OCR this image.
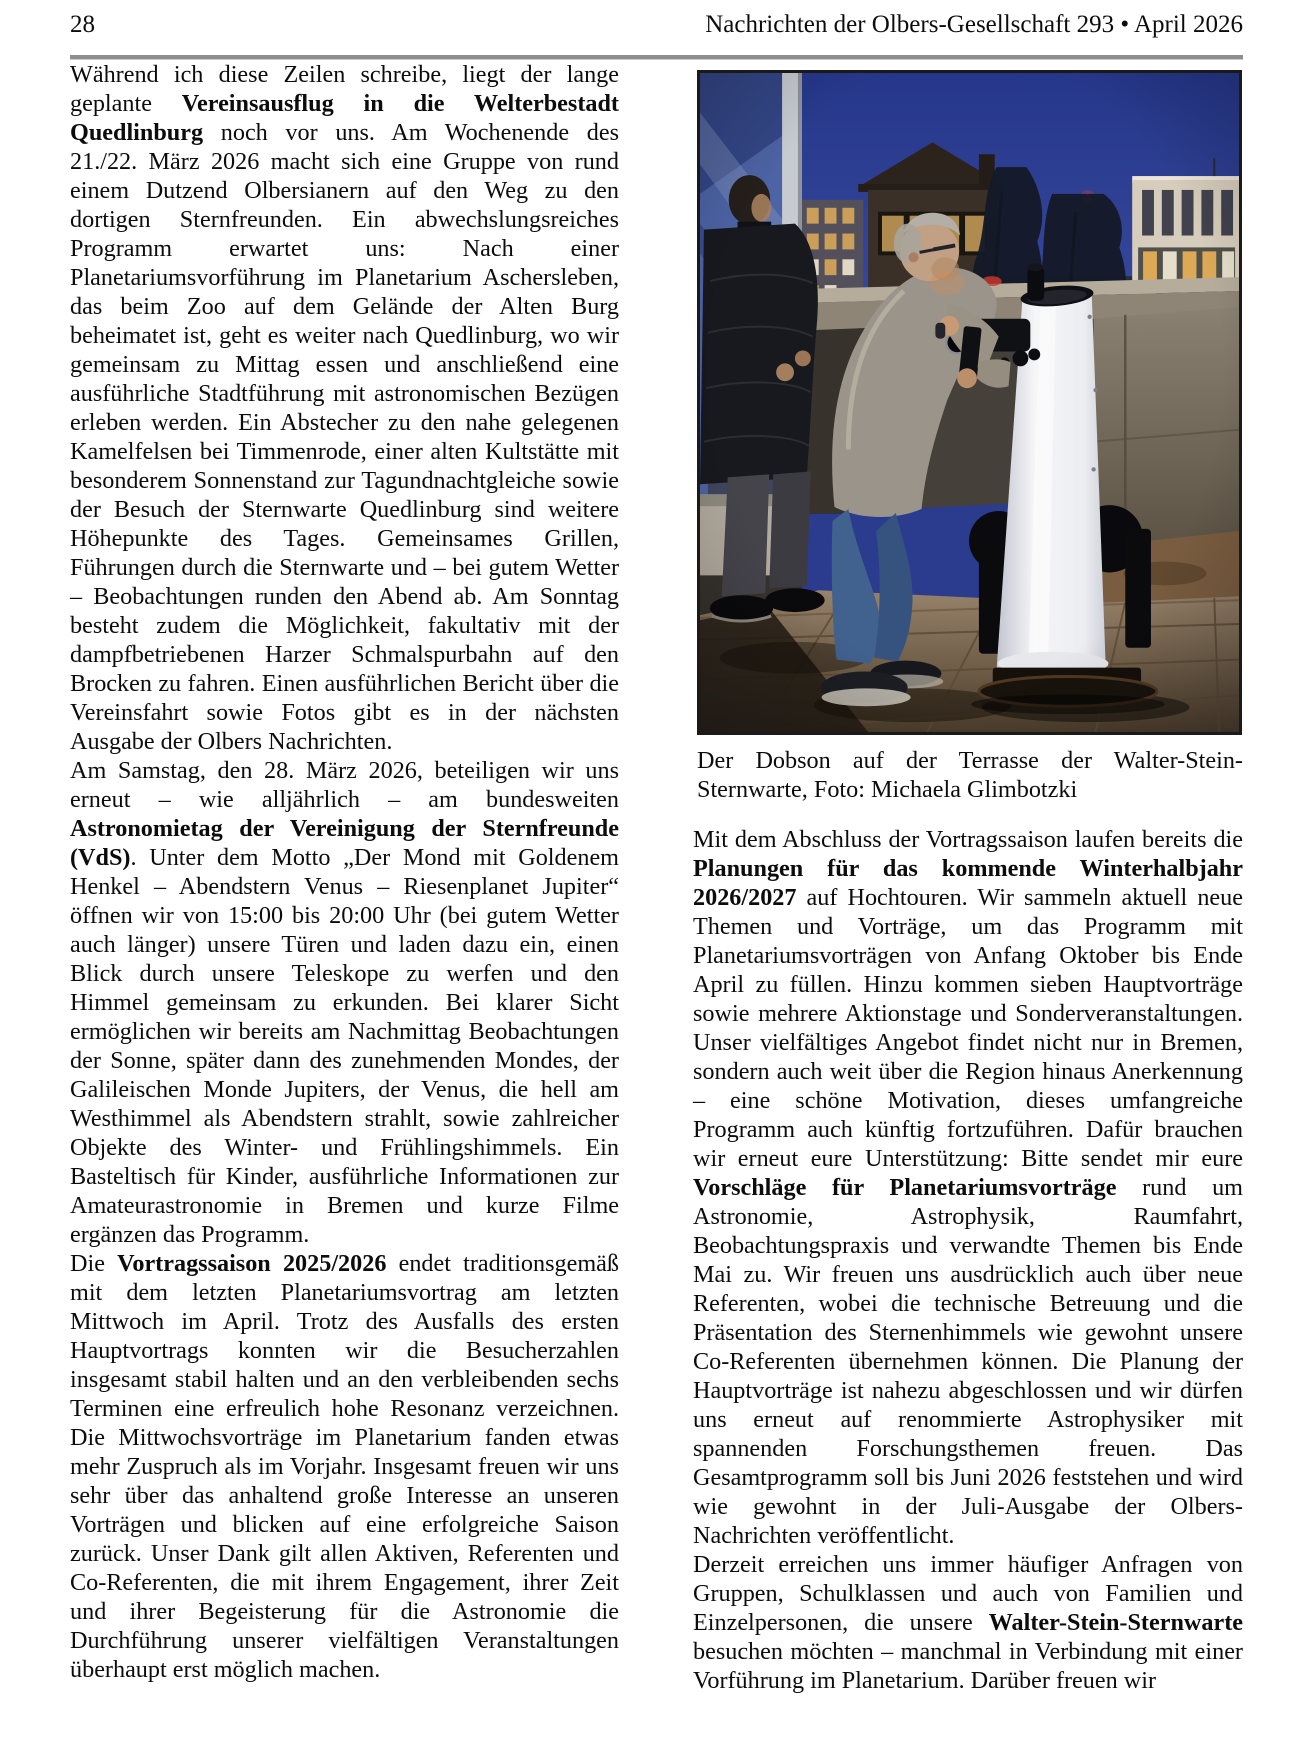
28	Nachrichten der Olbers-Gesellschaft 293 • April 2026

Während ich diese Zeilen schreibe, liegt der lange geplante Vereinsausflug in die Welterbestadt Quedlinburg noch vor uns. Am Wochenende des 21./22. März 2026 macht sich eine Gruppe von rund einem Dutzend Olbersianern auf den Weg zu den dortigen Sternfreunden. Ein abwechslungsreiches Programm erwartet uns: Nach einer Planetariumsvorführung im Planetarium Aschersleben, das beim Zoo auf dem Gelände der Alten Burg beheimatet ist, geht es weiter nach Quedlinburg, wo wir gemeinsam zu Mittag essen und anschließend eine ausführliche Stadtführung mit astronomischen Bezügen erleben werden. Ein Abstecher zu den nahe gelegenen Kamelfelsen bei Timmenrode, einer alten Kultstätte mit besonderem Sonnenstand zur Tagundnachtgleiche sowie der Besuch der Sternwarte Quedlinburg sind weitere Höhepunkte des Tages. Gemeinsames Grillen, Führungen durch die Sternwarte und – bei gutem Wetter – Beobachtungen runden den Abend ab. Am Sonntag besteht zudem die Möglichkeit, fakultativ mit der dampfbetriebenen Harzer Schmalspurbahn auf den Brocken zu fahren. Einen ausführlichen Bericht über die Vereinsfahrt sowie Fotos gibt es in der nächsten Ausgabe der Olbers Nachrichten.

Am Samstag, den 28. März 2026, beteiligen wir uns erneut – wie alljährlich – am bundesweiten Astronomietag der Vereinigung der Sternfreunde (VdS). Unter dem Motto „Der Mond mit Goldenem Henkel – Abendstern Venus – Riesenplanet Jupiter“ öffnen wir von 15:00 bis 20:00 Uhr (bei gutem Wetter auch länger) unsere Türen und laden dazu ein, einen Blick durch unsere Teleskope zu werfen und den Himmel gemeinsam zu erkunden. Bei klarer Sicht ermöglichen wir bereits am Nachmittag Beobachtungen der Sonne, später dann des zunehmenden Mondes, der Galileischen Monde Jupiters, der Venus, die hell am Westhimmel als Abendstern strahlt, sowie zahlreicher Objekte des Winter- und Frühlingshimmels. Ein Basteltisch für Kinder, ausführliche Informationen zur Amateurastronomie in Bremen und kurze Filme ergänzen das Programm.

Die Vortragssaison 2025/2026 endet traditionsgemäß mit dem letzten Planetariumsvortrag am letzten Mittwoch im April. Trotz des Ausfalls des ersten Hauptvortrags konnten wir die Besucherzahlen insgesamt stabil halten und an den verbleibenden sechs Terminen eine erfreulich hohe Resonanz verzeichnen. Die Mittwochsvorträge im Planetarium fanden etwas mehr Zuspruch als im Vorjahr. Insgesamt freuen wir uns sehr über das anhaltend große Interesse an unseren Vorträgen und blicken auf eine erfolgreiche Saison zurück. Unser Dank gilt allen Aktiven, Referenten und Co-Referenten, die mit ihrem Engagement, ihrer Zeit und ihrer Begeisterung für die Astronomie die Durchführung unserer vielfältigen Veranstaltungen überhaupt erst möglich machen.

Der Dobson auf der Terrasse der Walter-Stein-Sternwarte, Foto: Michaela Glimbotzki

Mit dem Abschluss der Vortragssaison laufen bereits die Planungen für das kommende Winterhalbjahr 2026/2027 auf Hochtouren. Wir sammeln aktuell neue Themen und Vorträge, um das Programm mit Planetariumsvorträgen von Anfang Oktober bis Ende April zu füllen. Hinzu kommen sieben Hauptvorträge sowie mehrere Aktionstage und Sonderveranstaltungen. Unser vielfältiges Angebot findet nicht nur in Bremen, sondern auch weit über die Region hinaus Anerkennung – eine schöne Motivation, dieses umfangreiche Programm auch künftig fortzuführen. Dafür brauchen wir erneut eure Unterstützung: Bitte sendet mir eure Vorschläge für Planetariumsvorträge rund um Astronomie, Astrophysik, Raumfahrt, Beobachtungspraxis und verwandte Themen bis Ende Mai zu. Wir freuen uns ausdrücklich auch über neue Referenten, wobei die technische Betreuung und die Präsentation des Sternenhimmels wie gewohnt unsere Co-Referenten übernehmen können. Die Planung der Hauptvorträge ist nahezu abgeschlossen und wir dürfen uns erneut auf renommierte Astrophysiker mit spannenden Forschungsthemen freuen. Das Gesamtprogramm soll bis Juni 2026 feststehen und wird wie gewohnt in der Juli-Ausgabe der Olbers-Nachrichten veröffentlicht.

Derzeit erreichen uns immer häufiger Anfragen von Gruppen, Schulklassen und auch von Familien und Einzelpersonen, die unsere Walter-Stein-Sternwarte besuchen möchten – manchmal in Verbindung mit einer Vorführung im Planetarium. Darüber freuen wir
